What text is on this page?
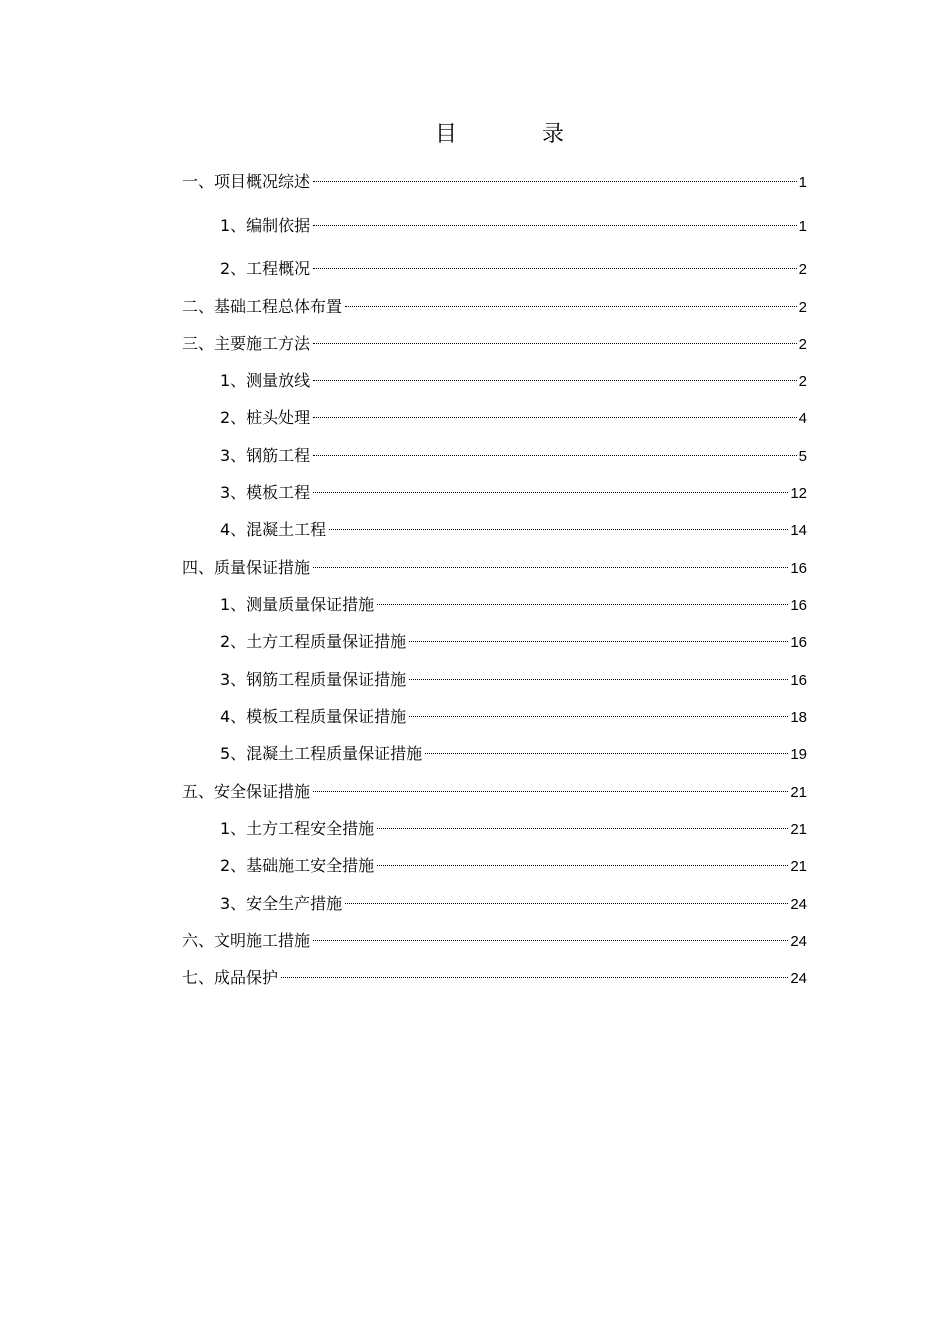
目	录
一、项目概况综述	1
1、编制依据	1
2、工程概况	2
二、基础工程总体布置	2
三、主要施工方法	2
1、测量放线	2
2、桩头处理	4
3、钢筋工程	5
3、模板工程	12
4、混凝土工程	14
四、质量保证措施	16
1、测量质量保证措施	16
2、土方工程质量保证措施	16
3、钢筋工程质量保证措施	16
4、模板工程质量保证措施	18
5、混凝土工程质量保证措施	19
五、安全保证措施	21
1、土方工程安全措施	21
2、基础施工安全措施	21
3、安全生产措施	24
六、文明施工措施	24
七、成品保护	24
